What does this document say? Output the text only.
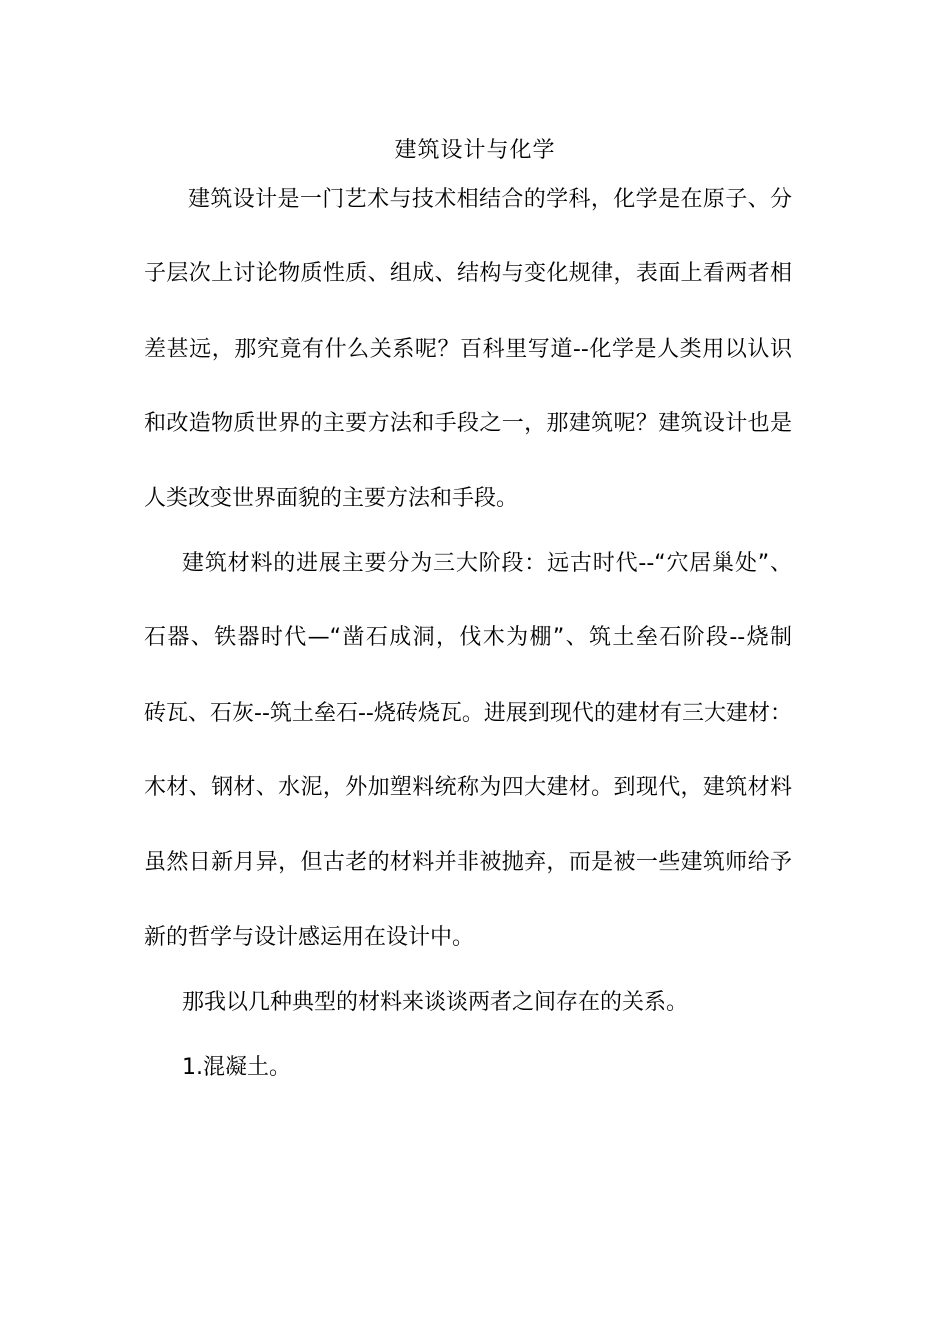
建筑设计与化学
建筑设计是一门艺术与技术相结合的学科，化学是在原子、分
子层次上讨论物质性质、组成、结构与变化规律，表面上看两者相
差甚远，那究竟有什么关系呢？百科里写道--化学是人类用以认识
和改造物质世界的主要方法和手段之一，那建筑呢？建筑设计也是
人类改变世界面貌的主要方法和手段。
建筑材料的进展主要分为三大阶段：远古时代--“穴居巢处”、
石器、铁器时代—“凿石成洞，伐木为棚”、筑土垒石阶段--烧制
砖瓦、石灰--筑土垒石--烧砖烧瓦。进展到现代的建材有三大建材：
木材、钢材、水泥，外加塑料统称为四大建材。到现代，建筑材料
虽然日新月异，但古老的材料并非被抛弃，而是被一些建筑师给予
新的哲学与设计感运用在设计中。
那我以几种典型的材料来谈谈两者之间存在的关系。
1.混凝土。
